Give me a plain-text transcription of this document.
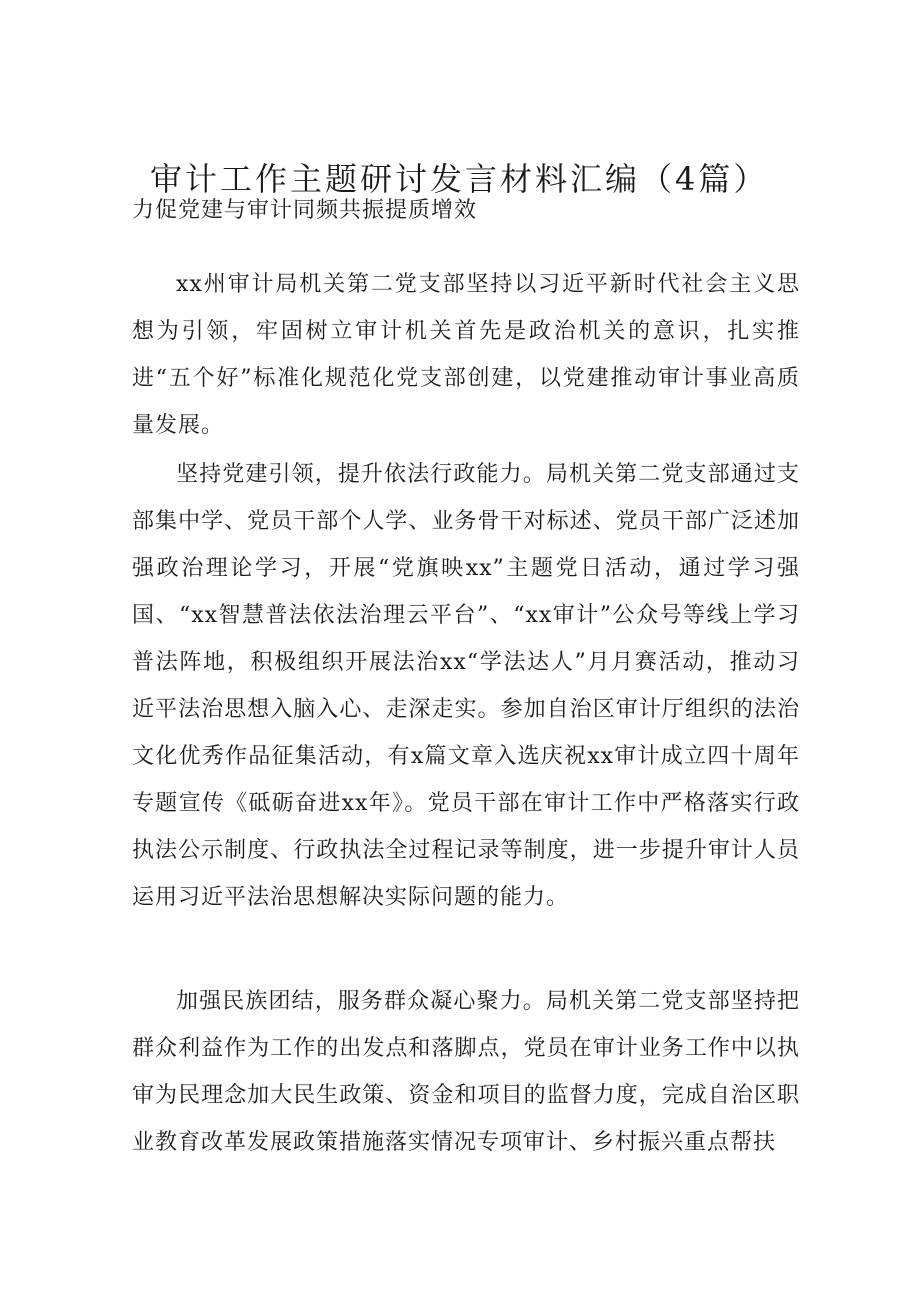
审计工作主题研讨发言材料汇编（4篇）
力促党建与审计同频共振提质增效

xx州审计局机关第二党支部坚持以习近平新时代社会主义思想为引领，牢固树立审计机关首先是政治机关的意识，扎实推进“五个好”标准化规范化党支部创建，以党建推动审计事业高质量发展。

坚持党建引领，提升依法行政能力。局机关第二党支部通过支部集中学、党员干部个人学、业务骨干对标述、党员干部广泛述加强政治理论学习，开展“党旗映xx”主题党日活动，通过学习强国、“xx智慧普法依法治理云平台”、“xx审计”公众号等线上学习普法阵地，积极组织开展法治xx“学法达人”月月赛活动，推动习近平法治思想入脑入心、走深走实。参加自治区审计厅组织的法治文化优秀作品征集活动，有x篇文章入选庆祝xx审计成立四十周年专题宣传《砥砺奋进xx年》。党员干部在审计工作中严格落实行政执法公示制度、行政执法全过程记录等制度，进一步提升审计人员运用习近平法治思想解决实际问题的能力。

加强民族团结，服务群众凝心聚力。局机关第二党支部坚持把群众利益作为工作的出发点和落脚点，党员在审计业务工作中以执审为民理念加大民生政策、资金和项目的监督力度，完成自治区职业教育改革发展政策措施落实情况专项审计、乡村振兴重点帮扶
